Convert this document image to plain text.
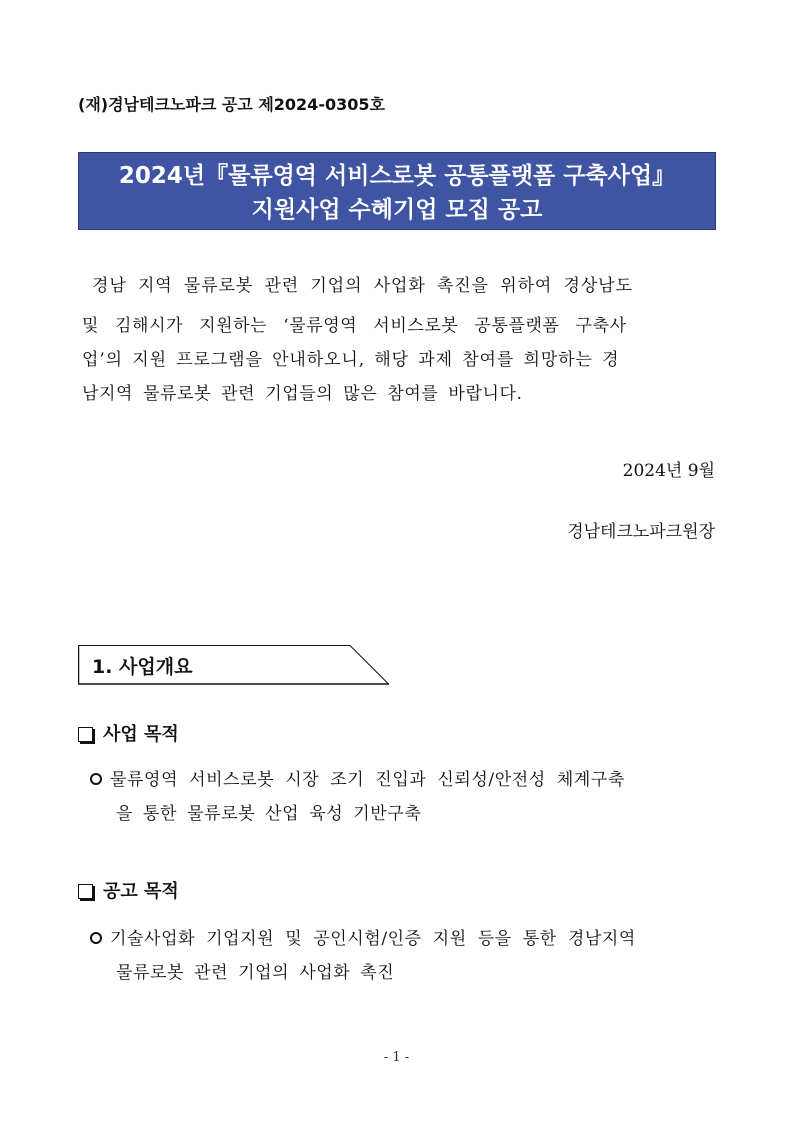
(재)경남테크노파크 공고 제2024-0305호
2024년『물류영역 서비스로봇 공통플랫폼 구축사업』
지원사업 수혜기업 모집 공고
경남 지역 물류로봇 관련 기업의 사업화 촉진을 위하여 경상남도
및 김해시가 지원하는 ‘물류영역 서비스로봇 공통플랫폼 구축사
업’의 지원 프로그램을 안내하오니, 해당 과제 참여를 희망하는 경
남지역 물류로봇 관련 기업들의 많은 참여를 바랍니다.
2024년 9월
경남테크노파크원장
1. 사업개요
사업 목적
물류영역 서비스로봇 시장 조기 진입과 신뢰성/안전성 체계구축
을 통한 물류로봇 산업 육성 기반구축
공고 목적
기술사업화 기업지원 및 공인시험/인증 지원 등을 통한 경남지역
물류로봇 관련 기업의 사업화 촉진
- 1 -
